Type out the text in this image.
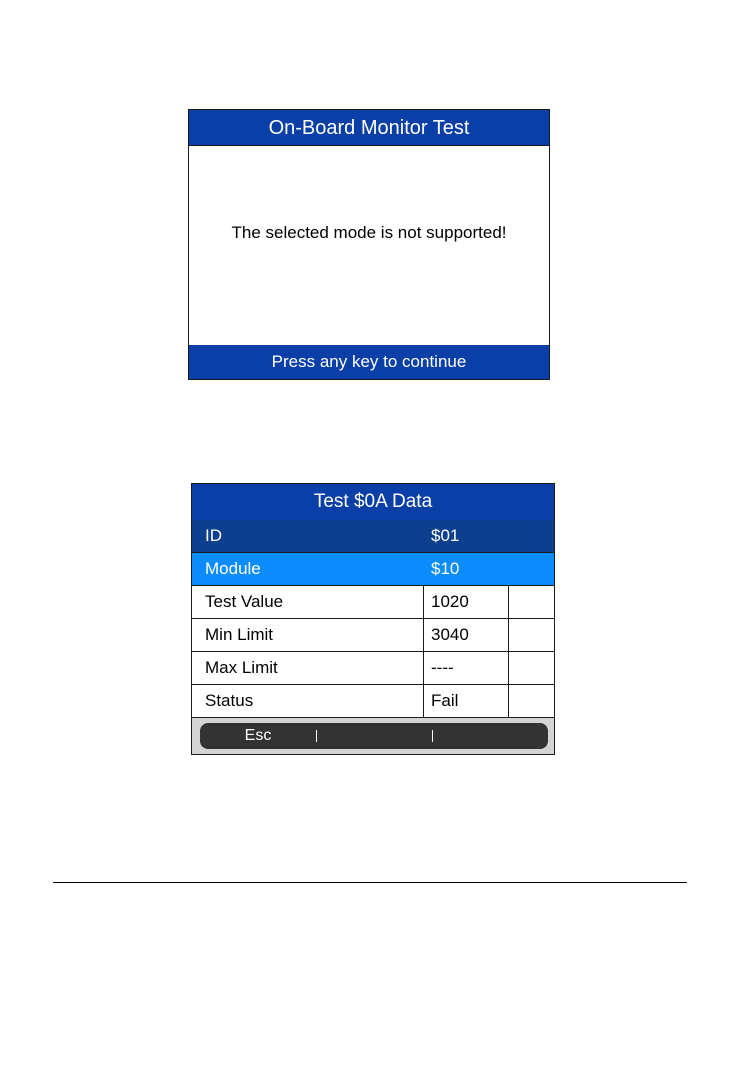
On-Board Monitor Test
The selected mode is not supported!
Press any key to continue
Test $0A Data
ID	$01
Module	$10
Test Value	1020
Min Limit	3040
Max Limit	----
Status	Fail
Esc
